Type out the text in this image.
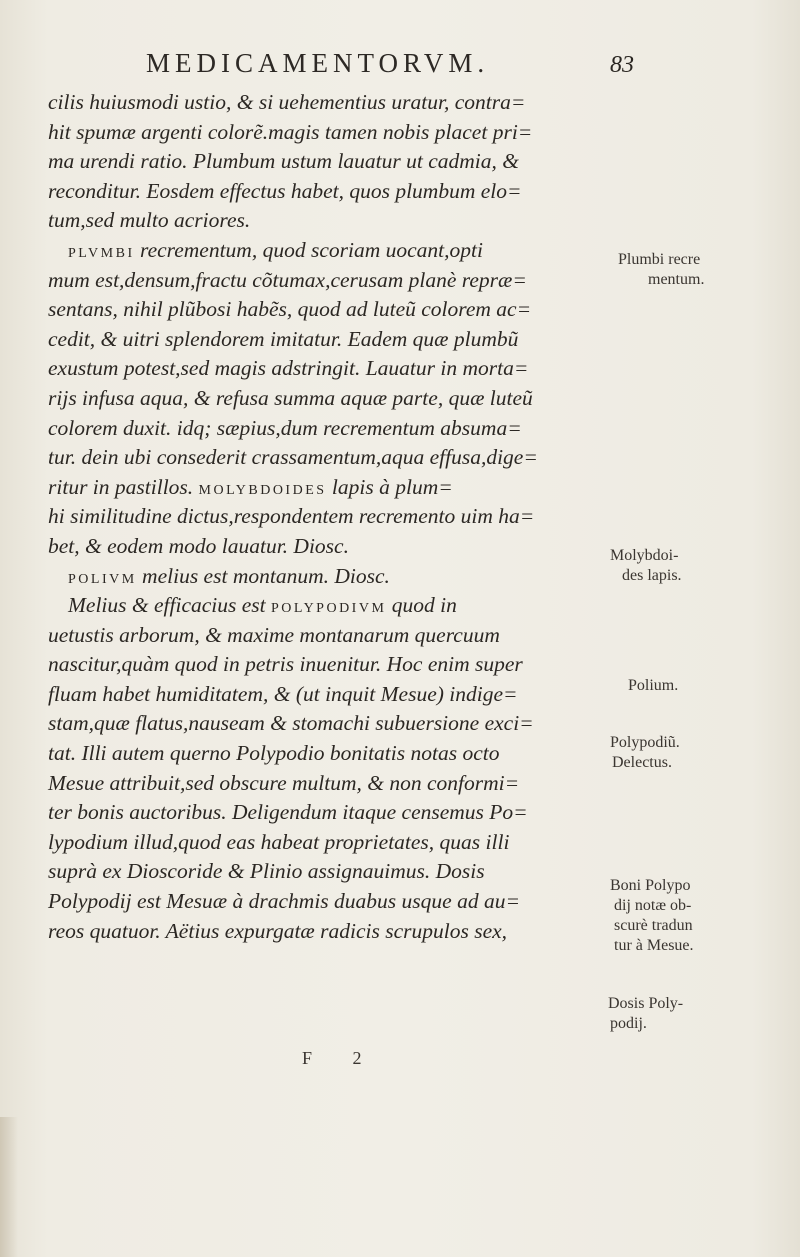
MEDICAMENTORVM.	83
cilis huiusmodi ustio, & si uehementius uratur, contra=
hit spumæ argenti colorẽ.magis tamen nobis placet pri=
ma urendi ratio. Plumbum ustum lauatur ut cadmia, &
reconditur. Eosdem effectus habet, quos plumbum elo=
tum,sed multo acriores.
PLVMBI recrementum, quod scoriam uocant,opti
mum est,densum,fractu cõtumax,cerusam planè repræ=
sentans, nihil plũbosi habẽs, quod ad luteũ colorem ac=
cedit, & uitri splendorem imitatur. Eadem quæ plumbũ
exustum potest,sed magis adstringit. Lauatur in morta=
rijs infusa aqua, & refusa summa aquæ parte, quæ luteũ
colorem duxit. idq; sæpius,dum recrementum absuma=
tur. dein ubi consederit crassamentum,aqua effusa,dige=
ritur in pastillos. MOLYBDOIDES lapis à plum=
hi similitudine dictus,respondentem recremento uim ha=
bet, & eodem modo lauatur. Diosc.
POLIVM melius est montanum. Diosc.
Melius & efficacius est POLYPODIVM quod in
uetustis arborum, & maxime montanarum quercuum
nascitur,quàm quod in petris inuenitur. Hoc enim super
fluam habet humiditatem, & (ut inquit Mesue) indige=
stam,quæ flatus,nauseam & stomachi subuersione exci=
tat. Illi autem querno Polypodio bonitatis notas octo
Mesue attribuit,sed obscure multum, & non conformi=
ter bonis auctoribus. Deligendum itaque censemus Po=
lypodium illud,quod eas habeat proprietates, quas illi
suprà ex Dioscoride & Plinio assignauimus. Dosis
Polypodij est Mesuæ à drachmis duabus usque ad au=
reos quatuor. Aëtius expurgatæ radicis scrupulos sex,
Plumbi recre
mentum.
Molybdoi-
des lapis.
Polium.
Polypodiũ.
Delectus.
Boni Polypo
dij notæ ob-
scurè tradun
tur à Mesue.
Dosis Poly-
podij.
F 2
